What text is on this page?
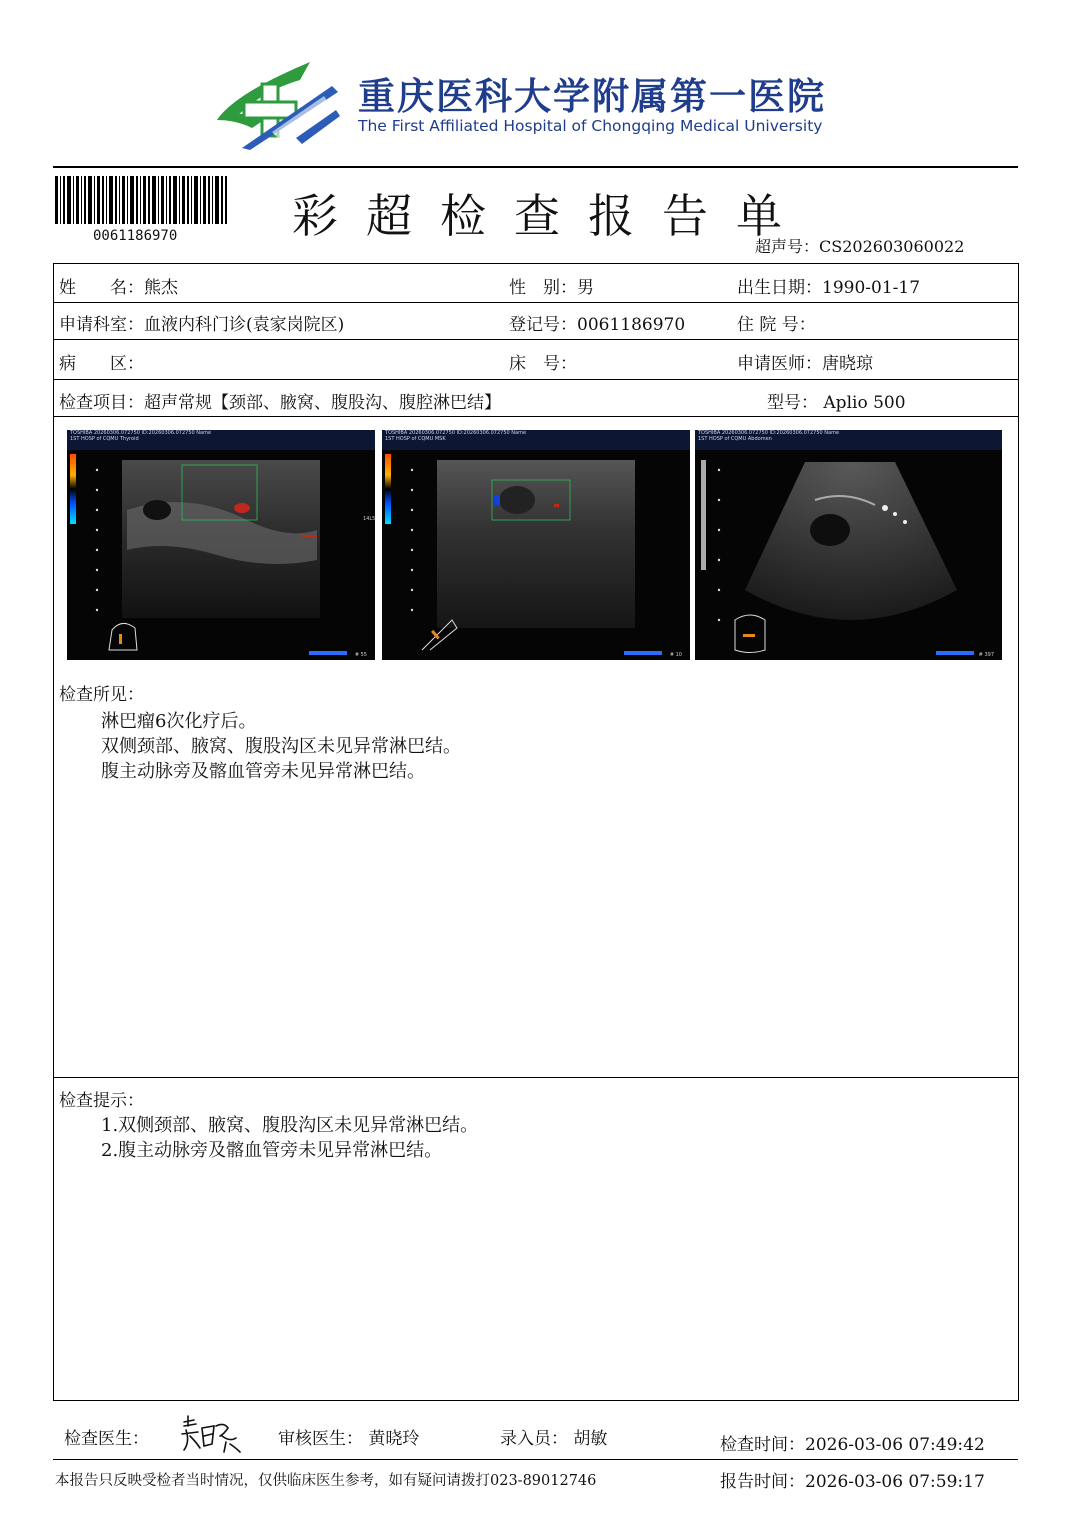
重庆医科大学附属第一医院
The First Affiliated Hospital of Chongqing Medical University
0061186970 彩超检查报告单
超声号：CS202603060022
姓　　名：熊杰	性　别：男	出生日期：1990-01-17
申请科室：血液内科门诊(袁家岗院区)	登记号：0061186970	住 院 号：
病　　区：	床　号：	申请医师：唐晓琼
检查项目：超声常规【颈部、腋窝、腹股沟、腹腔淋巴结】	型号： Aplio 500
TOSHIBA 20260306.072750 ID:20260306.072750 Name
1ST HOSP of CQMU Thyroid
14L5
# 55
TOSHIBA 20260306.072750 ID:20260306.072750 Name
1ST HOSP of CQMU MSK
# 10
TOSHIBA 20260306.072750 ID:20260306.072750 Name
1ST HOSP of CQMU Abdomen
# 397
检查所见：
淋巴瘤6次化疗后。
双侧颈部、腋窝、腹股沟区未见异常淋巴结。
腹主动脉旁及髂血管旁未见异常淋巴结。
检查提示：
1.双侧颈部、腋窝、腹股沟区未见异常淋巴结。
2.腹主动脉旁及髂血管旁未见异常淋巴结。
检查医生：	审核医生： 黄晓玲	录入员： 胡敏	检查时间：2026-03-06 07:49:42
本报告只反映受检者当时情况，仅供临床医生参考，如有疑问请拨打023-89012746	报告时间：2026-03-06 07:59:17
